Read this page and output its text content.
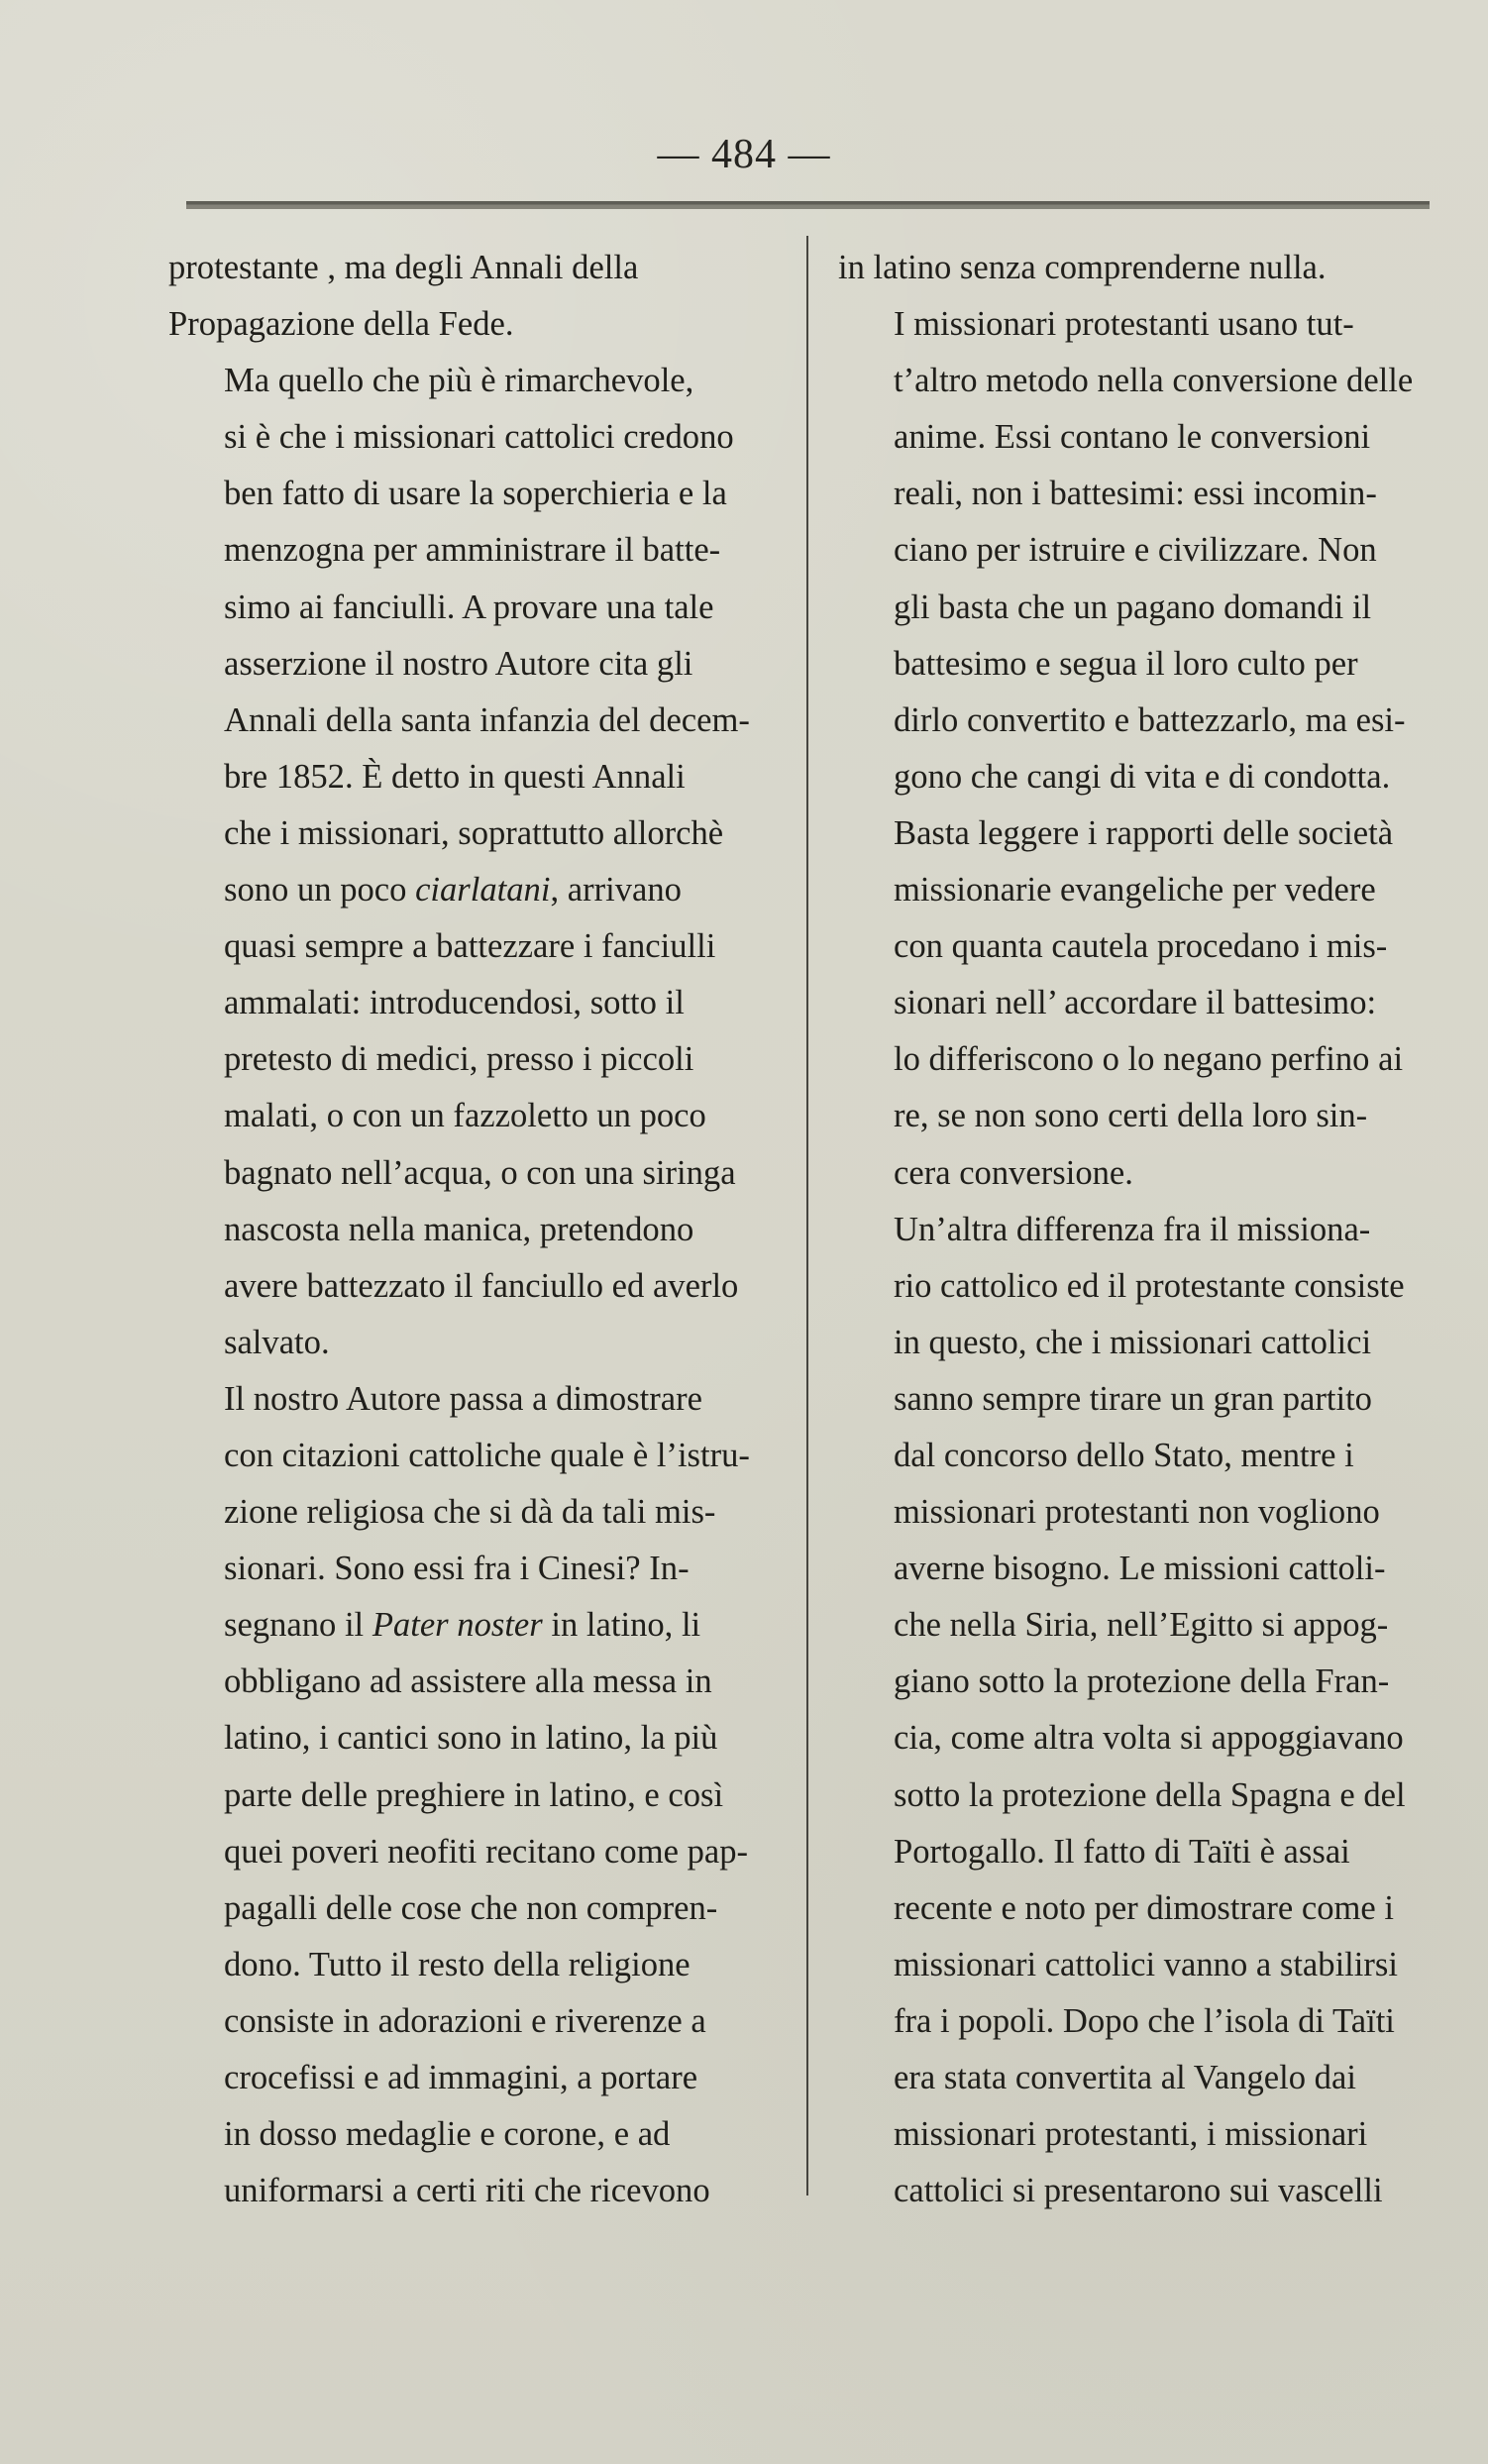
— 484 —

protestante , ma degli Annali della
Propagazione della Fede.

Ma quello che più è rimarchevole,
si è che i missionari cattolici credono
ben fatto di usare la soperchieria e la
menzogna per amministrare il batte-
simo ai fanciulli. A provare una tale
asserzione il nostro Autore cita gli
Annali della santa infanzia del decem-
bre 1852. È detto in questi Annali
che i missionari, soprattutto allorchè
sono un poco ciarlatani, arrivano
quasi sempre a battezzare i fanciulli
ammalati: introducendosi, sotto il
pretesto di medici, presso i piccoli
malati, o con un fazzoletto un poco
bagnato nell’acqua, o con una siringa
nascosta nella manica, pretendono
avere battezzato il fanciullo ed averlo
salvato.

Il nostro Autore passa a dimostrare
con citazioni cattoliche quale è l’istru-
zione religiosa che si dà da tali mis-
sionari. Sono essi fra i Cinesi? In-
segnano il Pater noster in latino, li
obbligano ad assistere alla messa in
latino, i cantici sono in latino, la più
parte delle preghiere in latino, e così
quei poveri neofiti recitano come pap-
pagalli delle cose che non compren-
dono. Tutto il resto della religione
consiste in adorazioni e riverenze a
crocefissi e ad immagini, a portare
in dosso medaglie e corone, e ad
uniformarsi a certi riti che ricevono

in latino senza comprenderne nulla.

I missionari protestanti usano tut-
t’altro metodo nella conversione delle
anime. Essi contano le conversioni
reali, non i battesimi: essi incomin-
ciano per istruire e civilizzare. Non
gli basta che un pagano domandi il
battesimo e segua il loro culto per
dirlo convertito e battezzarlo, ma esi-
gono che cangi di vita e di condotta.
Basta leggere i rapporti delle società
missionarie evangeliche per vedere
con quanta cautela procedano i mis-
sionari nell’ accordare il battesimo:
lo differiscono o lo negano perfino ai
re, se non sono certi della loro sin-
cera conversione.

Un’altra differenza fra il missiona-
rio cattolico ed il protestante consiste
in questo, che i missionari cattolici
sanno sempre tirare un gran partito
dal concorso dello Stato, mentre i
missionari protestanti non vogliono
averne bisogno. Le missioni cattoli-
che nella Siria, nell’Egitto si appog-
giano sotto la protezione della Fran-
cia, come altra volta si appoggiavano
sotto la protezione della Spagna e del
Portogallo. Il fatto di Taïti è assai
recente e noto per dimostrare come i
missionari cattolici vanno a stabilirsi
fra i popoli. Dopo che l’isola di Taïti
era stata convertita al Vangelo dai
missionari protestanti, i missionari
cattolici si presentarono sui vascelli
